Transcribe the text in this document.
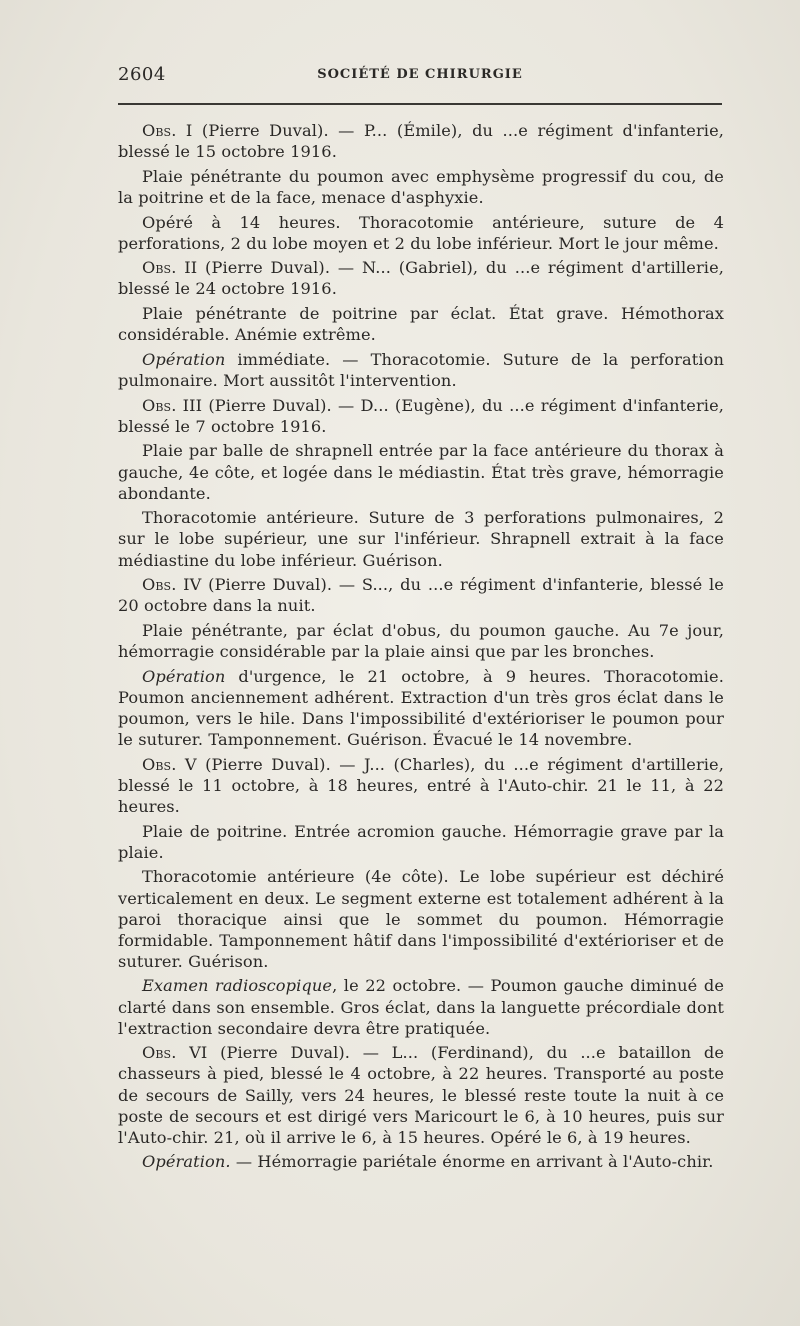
2604	SOCIÉTÉ DE CHIRURGIE

Obs. I (Pierre Duval). — P... (Émile), du ...e régiment d'infanterie, blessé le 15 octobre 1916.

Plaie pénétrante du poumon avec emphysème progressif du cou, de la poitrine et de la face, menace d'asphyxie.

Opéré à 14 heures. Thoracotomie antérieure, suture de 4 perforations, 2 du lobe moyen et 2 du lobe inférieur. Mort le jour même.

Obs. II (Pierre Duval). — N... (Gabriel), du ...e régiment d'artillerie, blessé le 24 octobre 1916.

Plaie pénétrante de poitrine par éclat. État grave. Hémothorax considérable. Anémie extrême.

Opération immédiate. — Thoracotomie. Suture de la perforation pulmonaire. Mort aussitôt l'intervention.

Obs. III (Pierre Duval). — D... (Eugène), du ...e régiment d'infanterie, blessé le 7 octobre 1916.

Plaie par balle de shrapnell entrée par la face antérieure du thorax à gauche, 4e côte, et logée dans le médiastin. État très grave, hémorragie abondante.

Thoracotomie antérieure. Suture de 3 perforations pulmonaires, 2 sur le lobe supérieur, une sur l'inférieur. Shrapnell extrait à la face médiastine du lobe inférieur. Guérison.

Obs. IV (Pierre Duval). — S..., du ...e régiment d'infanterie, blessé le 20 octobre dans la nuit.

Plaie pénétrante, par éclat d'obus, du poumon gauche. Au 7e jour, hémorragie considérable par la plaie ainsi que par les bronches.

Opération d'urgence, le 21 octobre, à 9 heures. Thoracotomie. Poumon anciennement adhérent. Extraction d'un très gros éclat dans le poumon, vers le hile. Dans l'impossibilité d'extérioriser le poumon pour le suturer. Tamponnement. Guérison. Évacué le 14 novembre.

Obs. V (Pierre Duval). — J... (Charles), du ...e régiment d'artillerie, blessé le 11 octobre, à 18 heures, entré à l'Auto-chir. 21 le 11, à 22 heures.

Plaie de poitrine. Entrée acromion gauche. Hémorragie grave par la plaie.

Thoracotomie antérieure (4e côte). Le lobe supérieur est déchiré verticalement en deux. Le segment externe est totalement adhérent à la paroi thoracique ainsi que le sommet du poumon. Hémorragie formidable. Tamponnement hâtif dans l'impossibilité d'extérioriser et de suturer. Guérison.

Examen radioscopique, le 22 octobre. — Poumon gauche diminué de clarté dans son ensemble. Gros éclat, dans la languette précordiale dont l'extraction secondaire devra être pratiquée.

Obs. VI (Pierre Duval). — L... (Ferdinand), du ...e bataillon de chasseurs à pied, blessé le 4 octobre, à 22 heures. Transporté au poste de secours de Sailly, vers 24 heures, le blessé reste toute la nuit à ce poste de secours et est dirigé vers Maricourt le 6, à 10 heures, puis sur l'Auto-chir. 21, où il arrive le 6, à 15 heures. Opéré le 6, à 19 heures.

Opération. — Hémorragie pariétale énorme en arrivant à l'Auto-chir.
